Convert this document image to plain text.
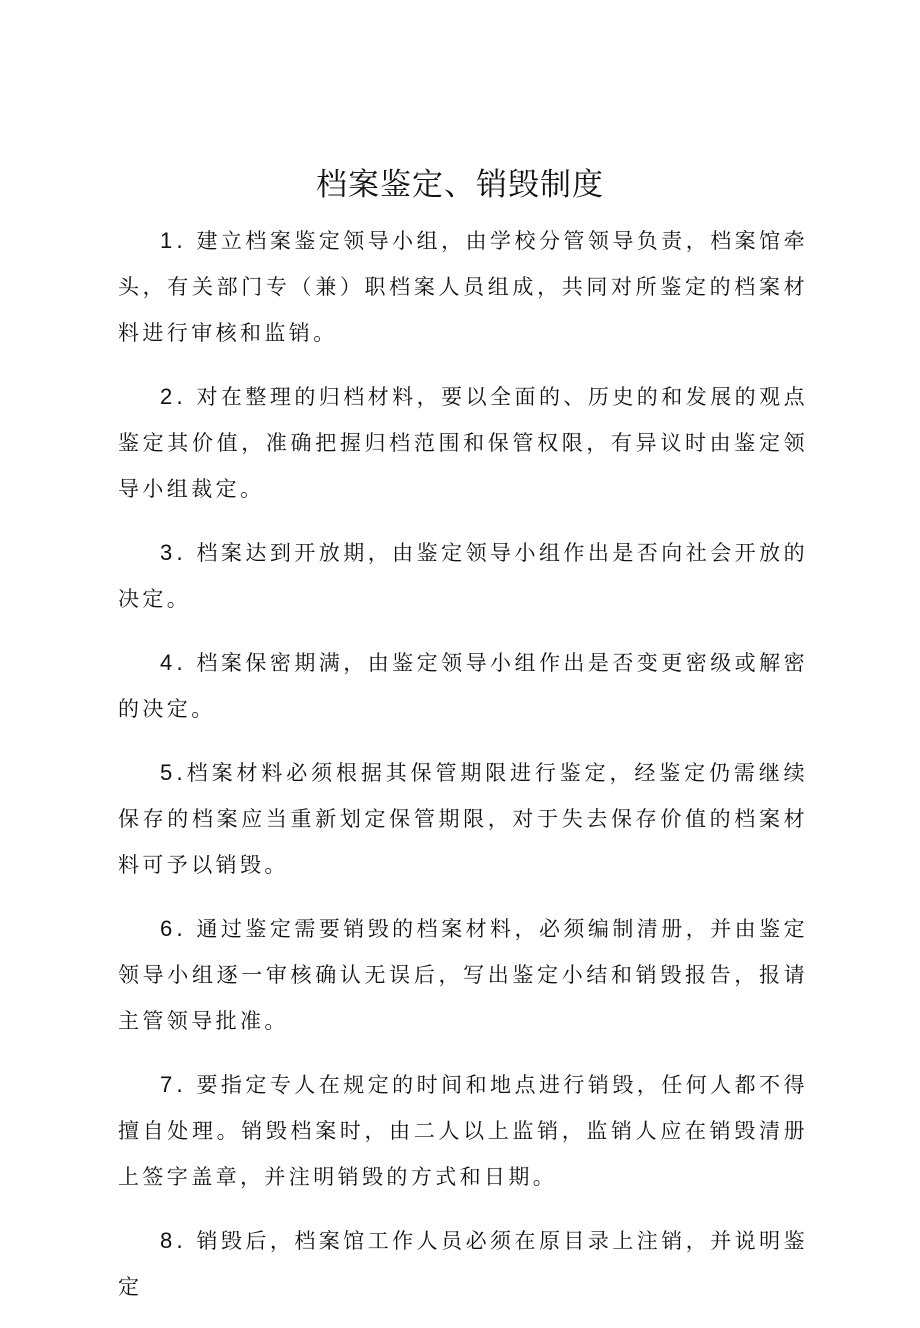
档案鉴定、销毁制度

1 . 建立档案鉴定领导小组，由学校分管领导负责，档案馆牵头，有关部门专（兼）职档案人员组成，共同对所鉴定的档案材料进行审核和监销。

2 . 对在整理的归档材料，要以全面的、历史的和发展的观点鉴定其价值，准确把握归档范围和保管权限，有异议时由鉴定领导小组裁定。

3 . 档案达到开放期，由鉴定领导小组作出是否向社会开放的决定。

4 . 档案保密期满，由鉴定领导小组作出是否变更密级或解密的决定。

5 .档案材料必须根据其保管期限进行鉴定，经鉴定仍需继续保存的档案应当重新划定保管期限，对于失去保存价值的档案材料可予以销毁。

6 . 通过鉴定需要销毁的档案材料，必须编制清册，并由鉴定领导小组逐一审核确认无误后，写出鉴定小结和销毁报告，报请主管领导批准。

7 . 要指定专人在规定的时间和地点进行销毁，任何人都不得擅自处理。销毁档案时，由二人以上监销，监销人应在销毁清册上签字盖章，并注明销毁的方式和日期。

8 . 销毁后，档案馆工作人员必须在原目录上注销，并说明鉴定
